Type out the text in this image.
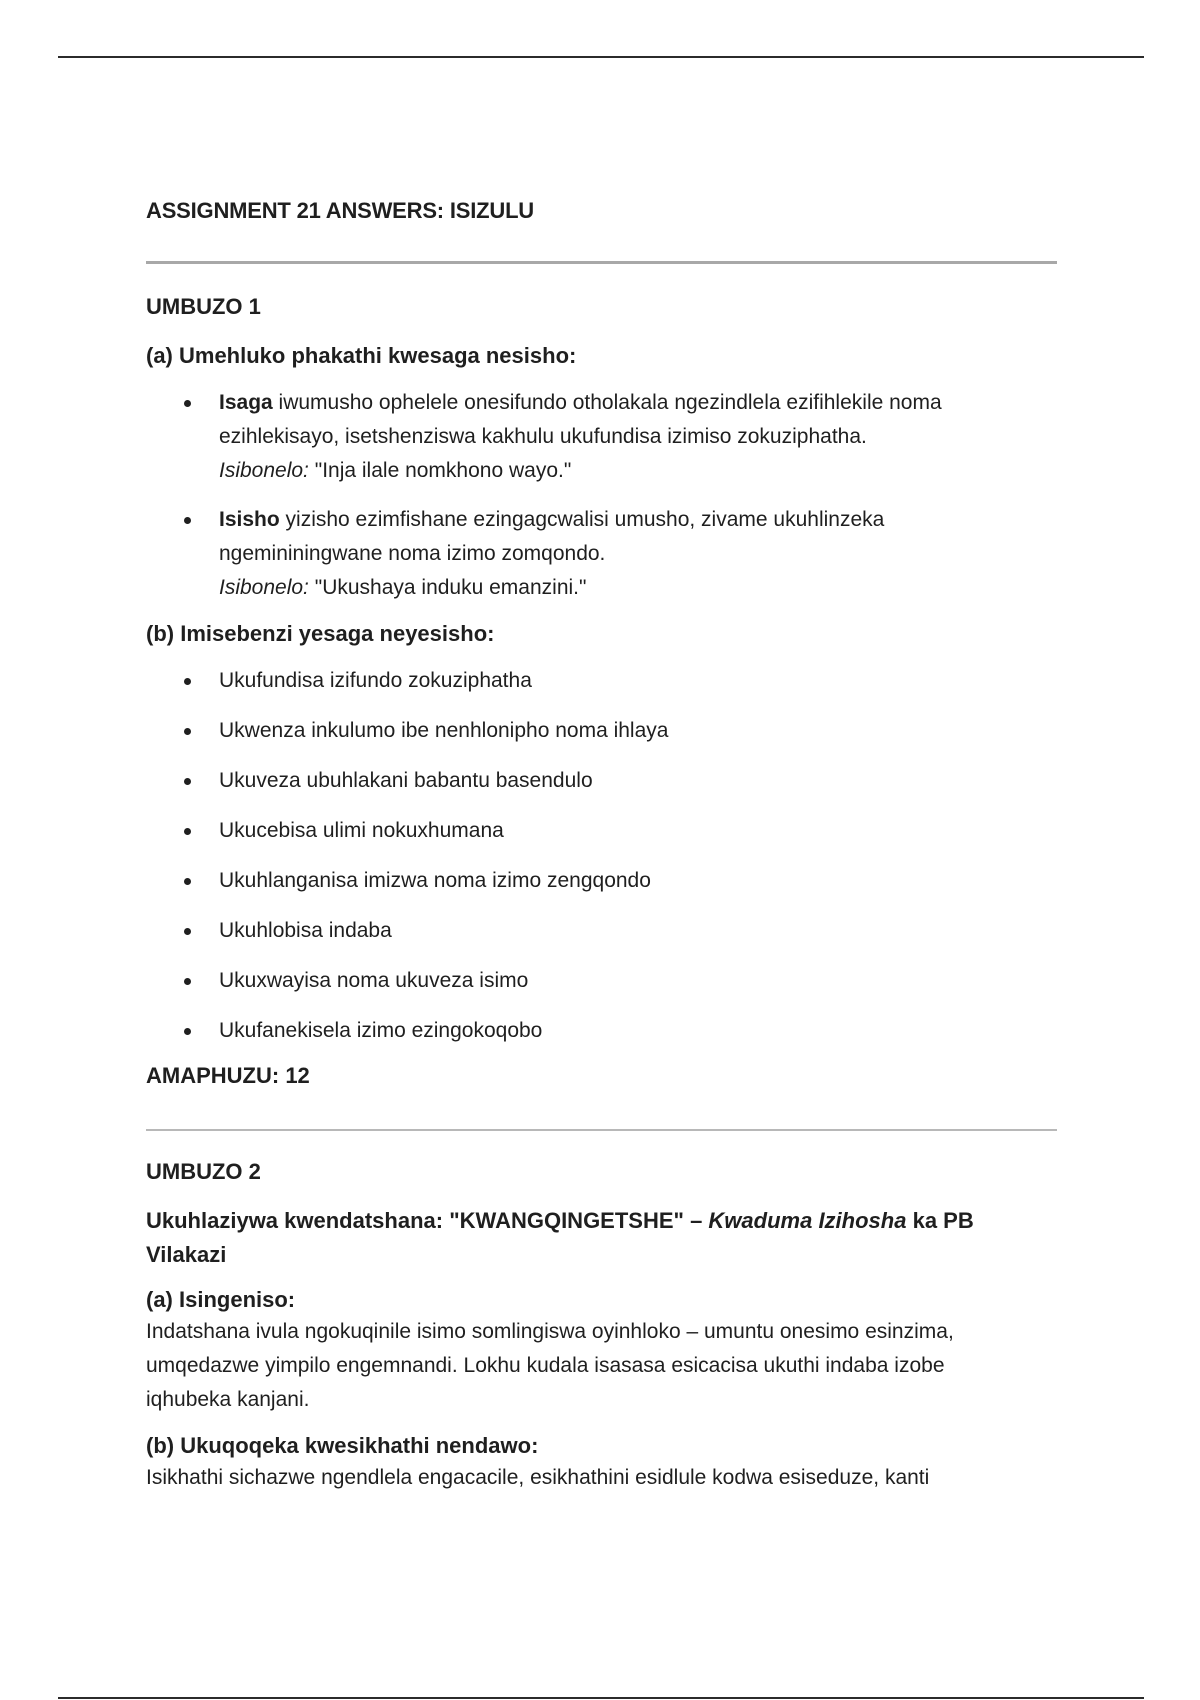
ASSIGNMENT 21 ANSWERS: ISIZULU

UMBUZO 1

(a) Umehluko phakathi kwesaga nesisho:

Isaga iwumusho ophelele onesifundo otholakala ngezindlela ezifihlekile noma
ezihlekisayo, isetshenziswa kakhulu ukufundisa izimiso zokuziphatha.
Isibonelo: "Inja ilale nomkhono wayo."
Isisho yizisho ezimfishane ezingagcwalisi umusho, zivame ukuhlinzeka
ngemininingwane noma izimo zomqondo.
Isibonelo: "Ukushaya induku emanzini."

(b) Imisebenzi yesaga neyesisho:

Ukufundisa izifundo zokuziphatha
Ukwenza inkulumo ibe nenhlonipho noma ihlaya
Ukuveza ubuhlakani babantu basendulo
Ukucebisa ulimi nokuxhumana
Ukuhlanganisa imizwa noma izimo zengqondo
Ukuhlobisa indaba
Ukuxwayisa noma ukuveza isimo
Ukufanekisela izimo ezingokoqobo

AMAPHUZU: 12

UMBUZO 2

Ukuhlaziywa kwendatshana: "KWANGQINGETSHE" – Kwaduma Izihosha ka PB
Vilakazi

(a) Isingeniso:

Indatshana ivula ngokuqinile isimo somlingiswa oyinhloko – umuntu onesimo esinzima,
umqedazwe yimpilo engemnandi. Lokhu kudala isasasa esicacisa ukuthi indaba izobe
iqhubeka kanjani.

(b) Ukuqoqeka kwesikhathi nendawo:

Isikhathi sichazwe ngendlela engacacile, esikhathini esidlule kodwa esiseduze, kanti
